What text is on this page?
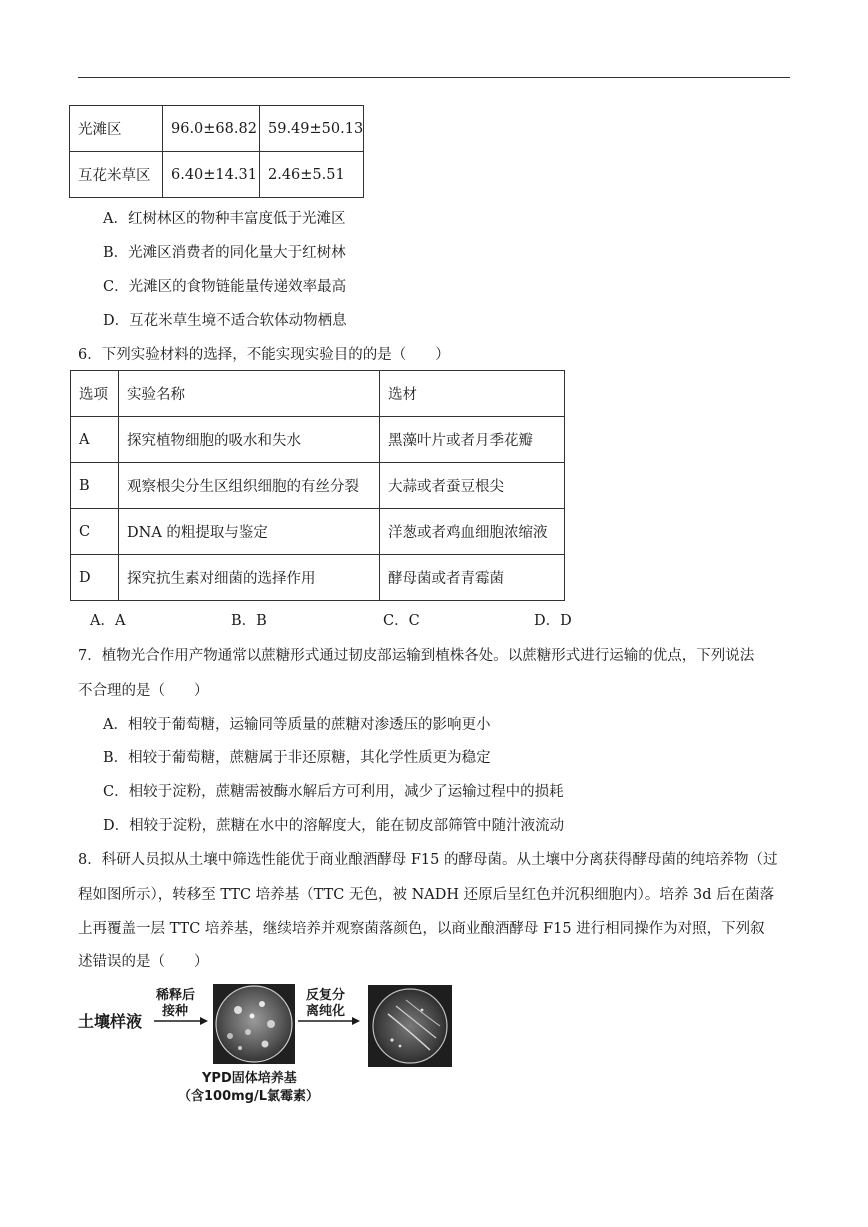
光滩区	96.0±68.82	59.49±50.13
互花米草区	6.40±14.31	2.46±5.51
A．红树林区的物种丰富度低于光滩区
B．光滩区消费者的同化量大于红树林
C．光滩区的食物链能量传递效率最高
D．互花米草生境不适合软体动物栖息
6．下列实验材料的选择，不能实现实验目的的是（　　）
选项	实验名称	选材
A	探究植物细胞的吸水和失水	黑藻叶片或者月季花瓣
B	观察根尖分生区组织细胞的有丝分裂	大蒜或者蚕豆根尖
C	DNA 的粗提取与鉴定	洋葱或者鸡血细胞浓缩液
D	探究抗生素对细菌的选择作用	酵母菌或者青霉菌
A．A	B．B	C．C	D．D
7．植物光合作用产物通常以蔗糖形式通过韧皮部运输到植株各处。以蔗糖形式进行运输的优点，下列说法
不合理的是（　　）
A．相较于葡萄糖，运输同等质量的蔗糖对渗透压的影响更小
B．相较于葡萄糖，蔗糖属于非还原糖，其化学性质更为稳定
C．相较于淀粉，蔗糖需被酶水解后方可利用，减少了运输过程中的损耗
D．相较于淀粉，蔗糖在水中的溶解度大，能在韧皮部筛管中随汁液流动
8．科研人员拟从土壤中筛选性能优于商业酿酒酵母 F15 的酵母菌。从土壤中分离获得酵母菌的纯培养物（过
程如图所示），转移至 TTC 培养基（TTC 无色，被 NADH 还原后呈红色并沉积细胞内）。培养 3d 后在菌落
上再覆盖一层 TTC 培养基，继续培养并观察菌落颜色，以商业酿酒酵母 F15 进行相同操作为对照，下列叙
述错误的是（　　）
土壤样液
稀释后
接种
反复分
离纯化
YPD固体培养基
（含100mg/L氯霉素）
